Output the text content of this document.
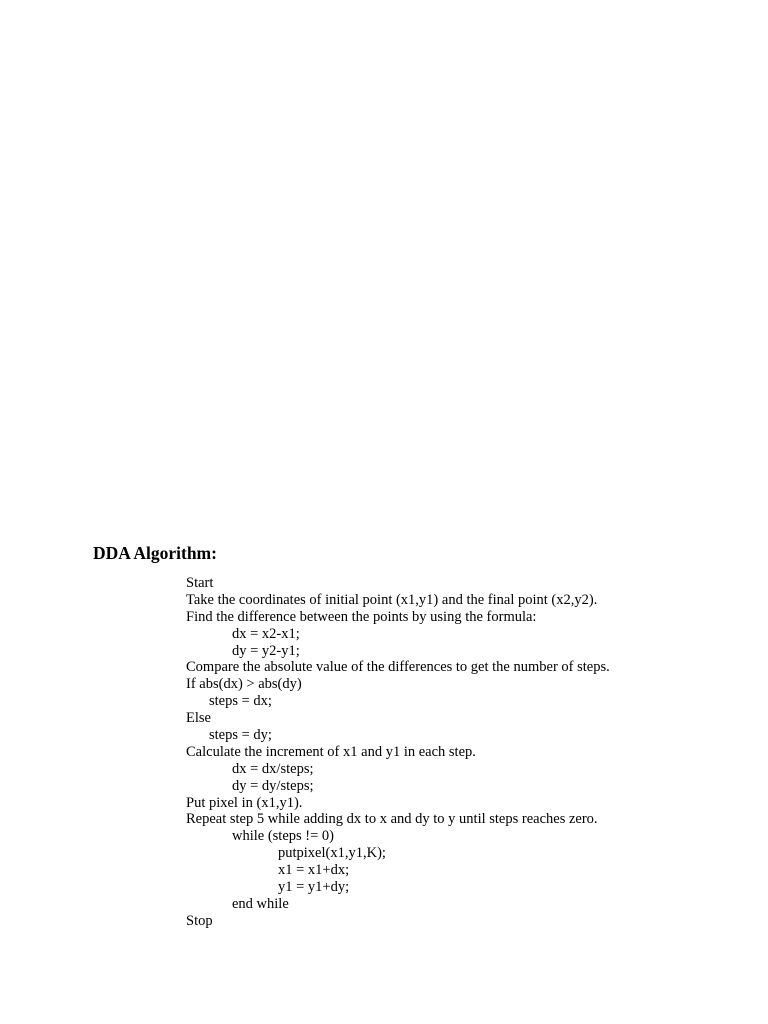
DDA Algorithm:
Start
Take the coordinates of initial point (x1,y1) and the final point (x2,y2).
Find the difference between the points by using the formula:
dx = x2-x1;
dy = y2-y1;
Compare the absolute value of the differences to get the number of steps.
If abs(dx) > abs(dy)
steps = dx;
Else
steps = dy;
Calculate the increment of x1 and y1 in each step.
dx = dx/steps;
dy = dy/steps;
Put pixel in (x1,y1).
Repeat step 5 while adding dx to x and dy to y until steps reaches zero.
while (steps != 0)
putpixel(x1,y1,K);
x1 = x1+dx;
y1 = y1+dy;
end while
Stop
